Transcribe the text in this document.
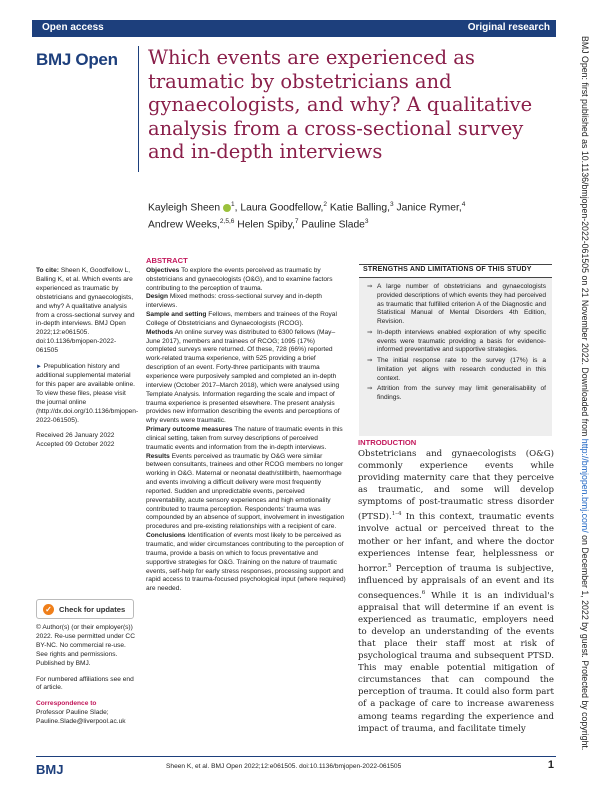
Open access	Original research
BMJ Open Which events are experienced as traumatic by obstetricians and gynaecologists, and why? A qualitative analysis from a cross-sectional survey and in-depth interviews
Kayleigh Sheen $^1$, Laura Goodfellow,$^2$ Katie Balling,$^3$ Janice Rymer,$^4$
Andrew Weeks,$^{2,5,6}$ Helen Spiby,$^7$ Pauline Slade$^3$	BMJ Open: first published as 10.1136/bmjopen-2022-061505 on 21 November 2022. Downloaded from http://bmjopen.bmj.com/ on December 1, 2022 by guest. Protected by copyright.

To cite: Sheen K, Goodfellow L, Balling K, et al. Which events are experienced as traumatic by obstetricians and gynaecologists, and why? A qualitative analysis from a cross-sectional survey and in-depth interviews. BMJ Open 2022;12:e061505. doi:10.1136/bmjopen-2022-061505

► Prepublication history and additional supplemental material for this paper are available online. To view these files, please visit the journal online (http://dx.doi.org/10.1136/bmjopen-2022-061505).

Received 26 January 2022
Accepted 09 October 2022

✓ Check for updates

© Author(s) (or their employer(s)) 2022. Re-use permitted under CC BY-NC. No commercial re-use. See rights and permissions. Published by BMJ.

For numbered affiliations see end of article.

Correspondence to
Professor Pauline Slade;
Pauline.Slade@liverpool.ac.uk

ABSTRACT

Objectives To explore the events perceived as traumatic by obstetricians and gynaecologists (O&G), and to examine factors contributing to the perception of trauma.

Design Mixed methods: cross-sectional survey and in-depth interviews.

Sample and setting Fellows, members and trainees of the Royal College of Obstetricians and Gynaecologists (RCOG).

Methods An online survey was distributed to 6300 fellows (May–June 2017), members and trainees of RCOG; 1095 (17%) completed surveys were returned. Of these, 728 (66%) reported work-related trauma experience, with 525 providing a brief description of an event. Forty-three participants with trauma experience were purposively sampled and completed an in-depth interview (October 2017–March 2018), which were analysed using Template Analysis. Information regarding the scale and impact of trauma experience is presented elsewhere. The present analysis provides new information describing the events and perceptions of why events were traumatic.

Primary outcome measures The nature of traumatic events in this clinical setting, taken from survey descriptions of perceived traumatic events and information from the in-depth interviews.

Results Events perceived as traumatic by O&G were similar between consultants, trainees and other RCOG members no longer working in O&G. Maternal or neonatal death/stillbirth, haemorrhage and events involving a difficult delivery were most frequently reported. Sudden and unpredictable events, perceived preventability, acute sensory experiences and high emotionality contributed to trauma perception. Respondents' trauma was compounded by an absence of support, involvement in investigation procedures and pre-existing relationships with a recipient of care.

Conclusions Identification of events most likely to be perceived as traumatic, and wider circumstances contributing to the perception of trauma, provide a basis on which to focus preventative and supportive strategies for O&G. Training on the nature of traumatic events, self-help for early stress responses, processing support and rapid access to trauma-focused psychological input (where required) are needed.

STRENGTHS AND LIMITATIONS OF THIS STUDY
⇒ A large number of obstetricians and gynaecologists provided descriptions of which events they had perceived as traumatic that fulfilled criterion A of the Diagnostic and Statistical Manual of Mental Disorders 4th Edition, Revision.
⇒ In-depth interviews enabled exploration of why specific events were traumatic providing a basis for evidence-informed preventative and supportive strategies.
⇒ The initial response rate to the survey (17%) is a limitation yet aligns with research conducted in this context.
⇒ Attrition from the survey may limit generalisability of findings.
INTRODUCTION

Obstetricians and gynaecologists (O&G) commonly experience events while providing maternity care that they perceive as traumatic, and some will develop symptoms of post-traumatic stress disorder (PTSD).$^{1-4}$ In this context, traumatic events involve actual or perceived threat to the mother or her infant, and where the doctor experiences intense fear, helplessness or horror.$^5$ Perception of trauma is subjective, influenced by appraisals of an event and its consequences.$^6$ While it is an individual's appraisal that will determine if an event is experienced as traumatic, employers need to develop an understanding of the events that place their staff most at risk of psychological trauma and subsequent PTSD. This may enable potential mitigation of circumstances that can compound the perception of trauma. It could also form part of a package of care to increase awareness among teams regarding the experience and impact of trauma, and facilitate timely

BMJ	Sheen K, et al. BMJ Open 2022;12:e061505. doi:10.1136/bmjopen-2022-061505	1
